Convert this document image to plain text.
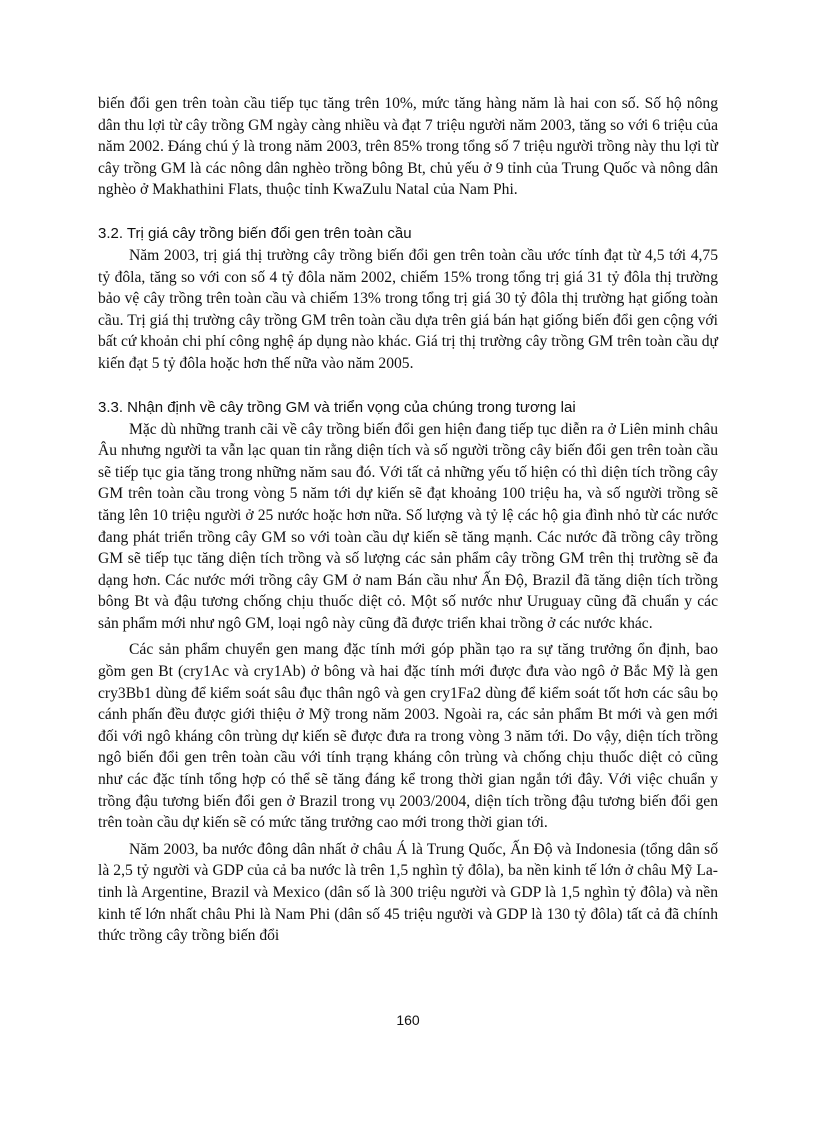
biến đổi gen trên toàn cầu tiếp tục tăng trên 10%, mức tăng hàng năm là hai con số. Số hộ nông dân thu lợi từ cây trồng GM ngày càng nhiều và đạt 7 triệu người năm 2003, tăng so với 6 triệu của năm 2002. Đáng chú ý là trong năm 2003, trên 85% trong tổng số 7 triệu người trồng này thu lợi từ cây trồng GM là các nông dân nghèo trồng bông Bt, chủ yếu ở 9 tỉnh của Trung Quốc và nông dân nghèo ở Makhathini Flats, thuộc tỉnh KwaZulu Natal của Nam Phi.

3.2. Trị giá cây trồng biến đổi gen trên toàn cầu

Năm 2003, trị giá thị trường cây trồng biến đổi gen trên toàn cầu ước tính đạt từ 4,5 tới 4,75 tỷ đôla, tăng so với con số 4 tỷ đôla năm 2002, chiếm 15% trong tổng trị giá 31 tỷ đôla thị trường bảo vệ cây trồng trên toàn cầu và chiếm 13% trong tổng trị giá 30 tỷ đôla thị trường hạt giống toàn cầu. Trị giá thị trường cây trồng GM trên toàn cầu dựa trên giá bán hạt giống biến đổi gen cộng với bất cứ khoản chi phí công nghệ áp dụng nào khác. Giá trị thị trường cây trồng GM trên toàn cầu dự kiến đạt 5 tỷ đôla hoặc hơn thế nữa vào năm 2005.

3.3. Nhận định về cây trồng GM và triển vọng của chúng trong tương lai

Mặc dù những tranh cãi về cây trồng biến đổi gen hiện đang tiếp tục diễn ra ở Liên minh châu Âu nhưng người ta vẫn lạc quan tin rằng diện tích và số người trồng cây biến đổi gen trên toàn cầu sẽ tiếp tục gia tăng trong những năm sau đó. Với tất cả những yếu tố hiện có thì diện tích trồng cây GM trên toàn cầu trong vòng 5 năm tới dự kiến sẽ đạt khoảng 100 triệu ha, và số người trồng sẽ tăng lên 10 triệu người ở 25 nước hoặc hơn nữa. Số lượng và tỷ lệ các hộ gia đình nhỏ từ các nước đang phát triển trồng cây GM so với toàn cầu dự kiến sẽ tăng mạnh. Các nước đã trồng cây trồng GM sẽ tiếp tục tăng diện tích trồng và số lượng các sản phẩm cây trồng GM trên thị trường sẽ đa dạng hơn. Các nước mới trồng cây GM ở nam Bán cầu như Ấn Độ, Brazil đã tăng diện tích trồng bông Bt và đậu tương chống chịu thuốc diệt cỏ. Một số nước như Uruguay cũng đã chuẩn y các sản phẩm mới như ngô GM, loại ngô này cũng đã được triển khai trồng ở các nước khác.

Các sản phẩm chuyển gen mang đặc tính mới góp phần tạo ra sự tăng trưởng ổn định, bao gồm gen Bt (cry1Ac và cry1Ab) ở bông và hai đặc tính mới được đưa vào ngô ở Bắc Mỹ là gen cry3Bb1 dùng để kiểm soát sâu đục thân ngô và gen cry1Fa2 dùng để kiểm soát tốt hơn các sâu bọ cánh phấn đều được giới thiệu ở Mỹ trong năm 2003. Ngoài ra, các sản phẩm Bt mới và gen mới đối với ngô kháng côn trùng dự kiến sẽ được đưa ra trong vòng 3 năm tới. Do vậy, diện tích trồng ngô biến đổi gen trên toàn cầu với tính trạng kháng côn trùng và chống chịu thuốc diệt cỏ cũng như các đặc tính tổng hợp có thể sẽ tăng đáng kể trong thời gian ngắn tới đây. Với việc chuẩn y trồng đậu tương biến đổi gen ở Brazil trong vụ 2003/2004, diện tích trồng đậu tương biến đổi gen trên toàn cầu dự kiến sẽ có mức tăng trưởng cao mới trong thời gian tới.

Năm 2003, ba nước đông dân nhất ở châu Á là Trung Quốc, Ấn Độ và Indonesia (tổng dân số là 2,5 tỷ người và GDP của cả ba nước là trên 1,5 nghìn tỷ đôla), ba nền kinh tế lớn ở châu Mỹ La-tinh là Argentine, Brazil và Mexico (dân số là 300 triệu người và GDP là 1,5 nghìn tỷ đôla) và nền kinh tế lớn nhất châu Phi là Nam Phi (dân số 45 triệu người và GDP là 130 tỷ đôla) tất cả đã chính thức trồng cây trồng biến đổi

160
